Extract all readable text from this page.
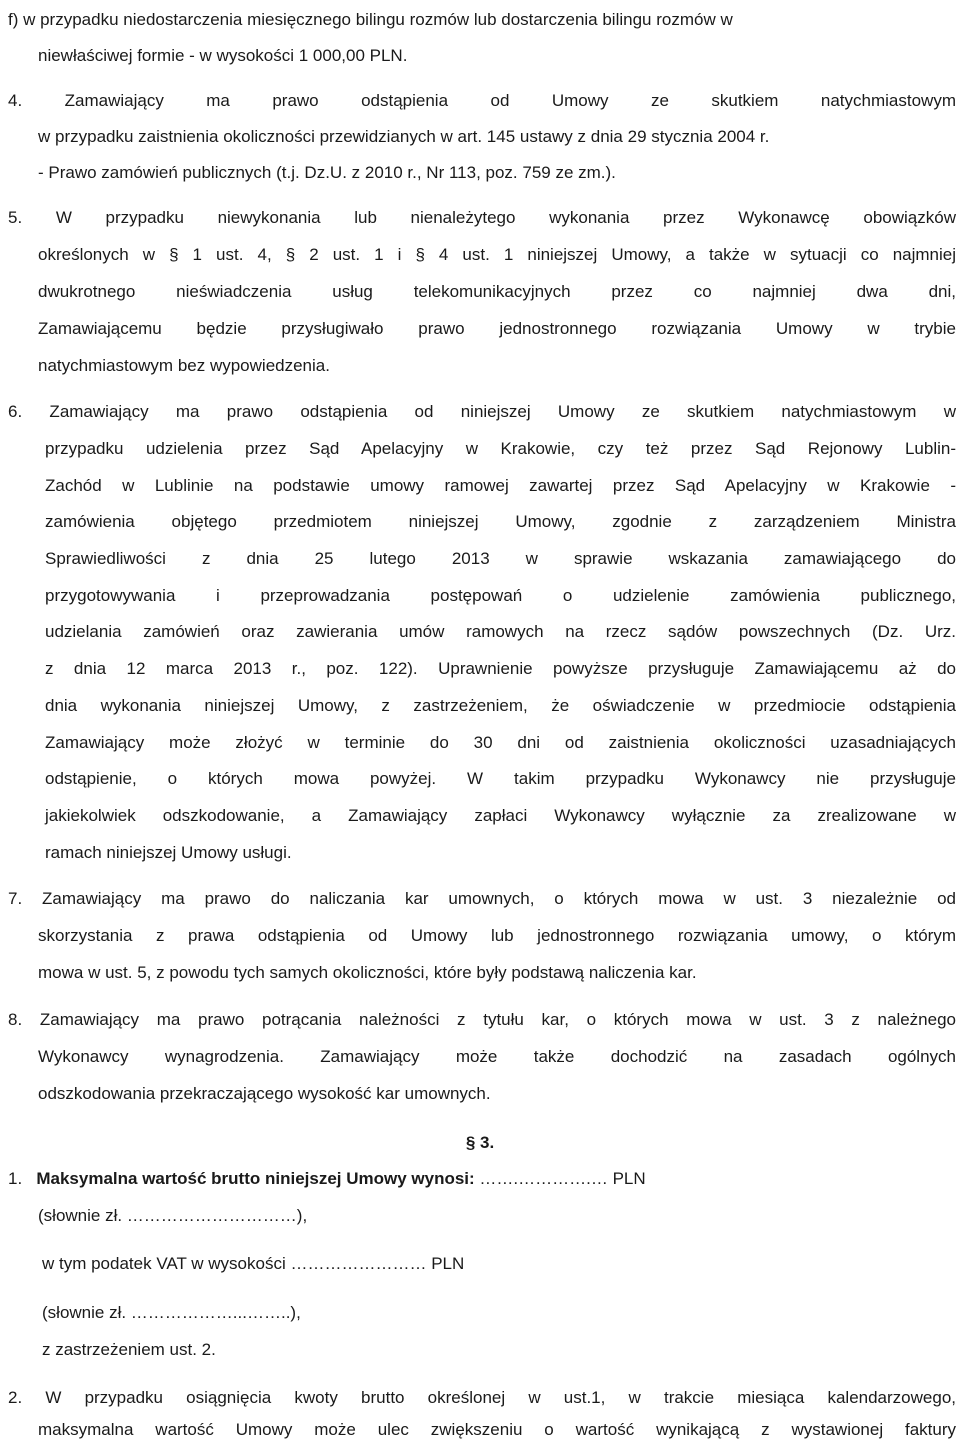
f) w przypadku niedostarczenia miesięcznego bilingu rozmów lub dostarczenia bilingu rozmów w
niewłaściwej formie - w wysokości 1 000,00 PLN.
4. Zamawiający ma prawo odstąpienia od Umowy ze skutkiem natychmiastowym
w przypadku zaistnienia okoliczności przewidzianych w art. 145 ustawy z dnia 29 stycznia 2004 r.
- Prawo zamówień publicznych (t.j. Dz.U. z 2010 r., Nr 113, poz. 759 ze zm.).
5. W przypadku niewykonania lub nienależytego wykonania przez Wykonawcę obowiązków
określonych w § 1 ust. 4, § 2 ust. 1 i § 4 ust. 1 niniejszej Umowy, a także w sytuacji co najmniej
dwukrotnego nieświadczenia usług telekomunikacyjnych przez co najmniej dwa dni,
Zamawiającemu będzie przysługiwało prawo jednostronnego rozwiązania Umowy w trybie
natychmiastowym bez wypowiedzenia.
6. Zamawiający ma prawo odstąpienia od niniejszej Umowy ze skutkiem natychmiastowym w
przypadku udzielenia przez Sąd Apelacyjny w Krakowie, czy też przez Sąd Rejonowy Lublin-
Zachód w Lublinie na podstawie umowy ramowej zawartej przez Sąd Apelacyjny w Krakowie -
zamówienia objętego przedmiotem niniejszej Umowy, zgodnie z zarządzeniem Ministra
Sprawiedliwości z dnia 25 lutego 2013 w sprawie wskazania zamawiającego do
przygotowywania i przeprowadzania postępowań o udzielenie zamówienia publicznego,
udzielania zamówień oraz zawierania umów ramowych na rzecz sądów powszechnych (Dz. Urz.
z dnia 12 marca 2013 r., poz. 122). Uprawnienie powyższe przysługuje Zamawiającemu aż do
dnia wykonania niniejszej Umowy, z zastrzeżeniem, że oświadczenie w przedmiocie odstąpienia
Zamawiający może złożyć w terminie do 30 dni od zaistnienia okoliczności uzasadniających
odstąpienie, o których mowa powyżej. W takim przypadku Wykonawcy nie przysługuje
jakiekolwiek odszkodowanie, a Zamawiający zapłaci Wykonawcy wyłącznie za zrealizowane w
ramach niniejszej Umowy usługi.
7. Zamawiający ma prawo do naliczania kar umownych, o których mowa w ust. 3 niezależnie od
skorzystania z prawa odstąpienia od Umowy lub jednostronnego rozwiązania umowy, o którym
mowa w ust. 5, z powodu tych samych okoliczności, które były podstawą naliczenia kar.
8. Zamawiający ma prawo potrącania należności z tytułu kar, o których mowa w ust. 3 z należnego
Wykonawcy wynagrodzenia. Zamawiający może także dochodzić na zasadach ogólnych
odszkodowania przekraczającego wysokość kar umownych.
§ 3.
1. Maksymalna wartość brutto niniejszej Umowy wynosi: …….………….… PLN
(słownie zł. …………………………),
w tym podatek VAT w wysokości …………………… PLN
(słownie zł. ………………...……..),
z zastrzeżeniem ust. 2.
2. W przypadku osiągnięcia kwoty brutto określonej w ust.1, w trakcie miesiąca kalendarzowego,
maksymalna wartość Umowy może ulec zwiększeniu o wartość wynikającą z wystawionej faktury
